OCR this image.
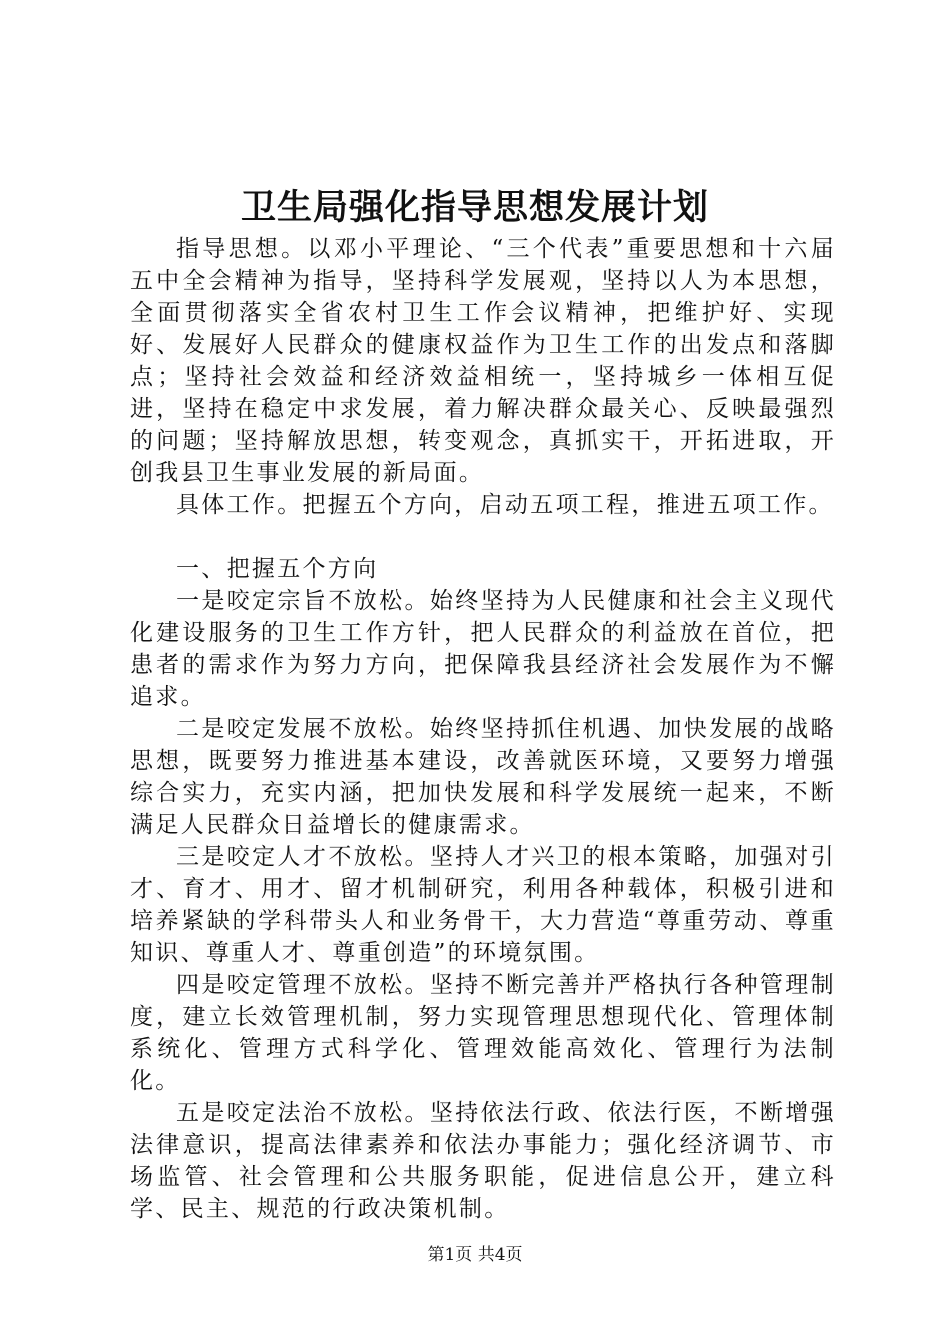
卫生局强化指导思想发展计划

指导思想。以邓小平理论、“三个代表”重要思想和十六届五中全会精神为指导，坚持科学发展观，坚持以人为本思想，全面贯彻落实全省农村卫生工作会议精神，把维护好、实现好、发展好人民群众的健康权益作为卫生工作的出发点和落脚点；坚持社会效益和经济效益相统一，坚持城乡一体相互促进，坚持在稳定中求发展，着力解决群众最关心、反映最强烈的问题；坚持解放思想，转变观念，真抓实干，开拓进取，开创我县卫生事业发展的新局面。

具体工作。把握五个方向，启动五项工程，推进五项工作。

一、把握五个方向

一是咬定宗旨不放松。始终坚持为人民健康和社会主义现代化建设服务的卫生工作方针，把人民群众的利益放在首位，把患者的需求作为努力方向，把保障我县经济社会发展作为不懈追求。

二是咬定发展不放松。始终坚持抓住机遇、加快发展的战略思想，既要努力推进基本建设，改善就医环境，又要努力增强综合实力，充实内涵，把加快发展和科学发展统一起来，不断满足人民群众日益增长的健康需求。

三是咬定人才不放松。坚持人才兴卫的根本策略，加强对引才、育才、用才、留才机制研究，利用各种载体，积极引进和培养紧缺的学科带头人和业务骨干，大力营造“尊重劳动、尊重知识、尊重人才、尊重创造”的环境氛围。

四是咬定管理不放松。坚持不断完善并严格执行各种管理制度，建立长效管理机制，努力实现管理思想现代化、管理体制系统化、管理方式科学化、管理效能高效化、管理行为法制化。

五是咬定法治不放松。坚持依法行政、依法行医，不断增强法律意识，提高法律素养和依法办事能力；强化经济调节、市场监管、社会管理和公共服务职能，促进信息公开，建立科学、民主、规范的行政决策机制。

第1页 共4页
